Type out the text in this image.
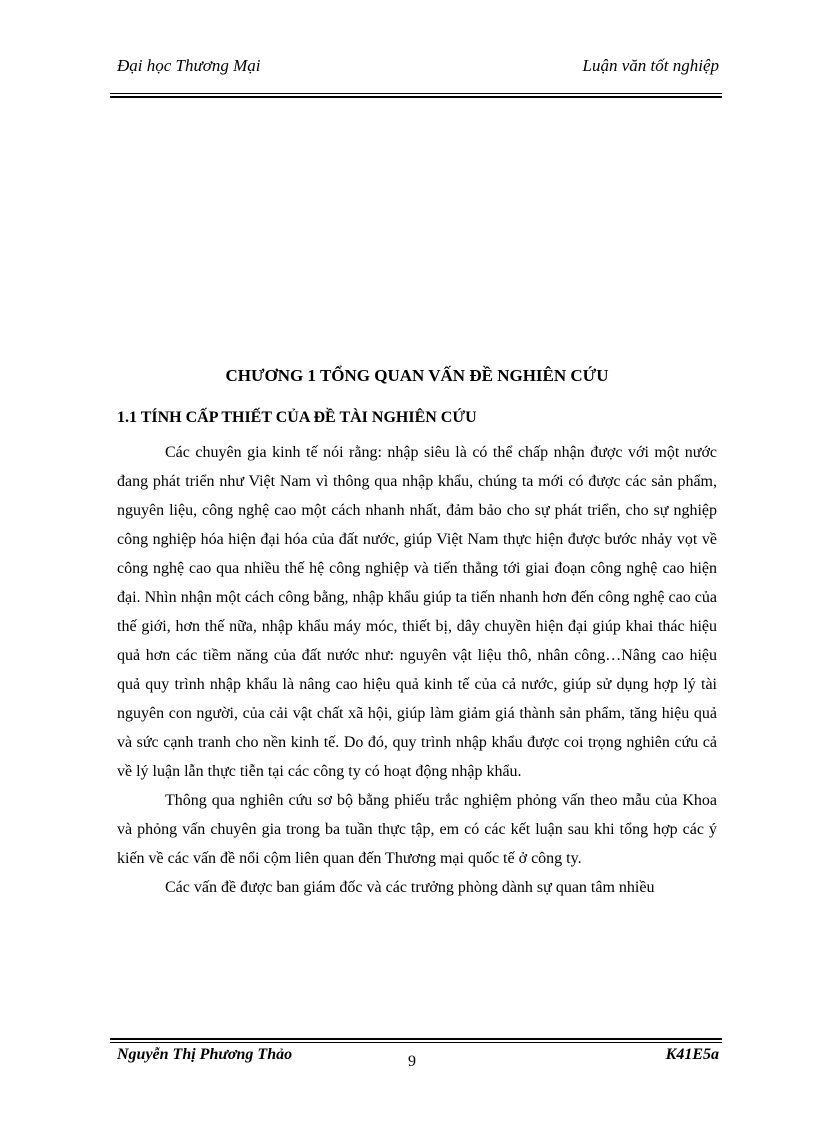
Đại học Thương Mại	Luận văn tốt nghiệp
CHƯƠNG 1 TỔNG QUAN VẤN ĐỀ NGHIÊN CỨU
1.1 TÍNH CẤP THIẾT CỦA ĐỀ TÀI NGHIÊN CỨU

Các chuyên gia kinh tế nói rằng: nhập siêu là có thể chấp nhận được với một nước đang phát triển như Việt Nam vì thông qua nhập khẩu, chúng ta mới có được các sản phẩm, nguyên liệu, công nghệ cao một cách nhanh nhất, đảm bảo cho sự phát triển, cho sự nghiệp công nghiệp hóa hiện đại hóa của đất nước, giúp Việt Nam thực hiện được bước nhảy vọt về công nghệ cao qua nhiều thế hệ công nghiệp và tiến thẳng tới giai đoạn công nghệ cao hiện đại. Nhìn nhận một cách công bằng, nhập khẩu giúp ta tiến nhanh hơn đến công nghệ cao của thế giới, hơn thế nữa, nhập khẩu máy móc, thiết bị, dây chuyền hiện đại giúp khai thác hiệu quả hơn các tiềm năng của đất nước như: nguyên vật liệu thô, nhân công…Nâng cao hiệu quả quy trình nhập khẩu là nâng cao hiệu quả kinh tế của cả nước, giúp sử dụng hợp lý tài nguyên con người, của cải vật chất xã hội, giúp làm giảm giá thành sản phẩm, tăng hiệu quả và sức cạnh tranh cho nền kinh tế. Do đó, quy trình nhập khẩu được coi trọng nghiên cứu cả về lý luận lẫn thực tiễn tại các công ty có hoạt động nhập khẩu.

Thông qua nghiên cứu sơ bộ bằng phiếu trắc nghiệm phỏng vấn theo mẫu của Khoa và phỏng vấn chuyên gia trong ba tuần thực tập, em có các kết luận sau khi tổng hợp các ý kiến về các vấn đề nổi cộm liên quan đến Thương mại quốc tế ở công ty.

Các vấn đề được ban giám đốc và các trưởng phòng dành sự quan tâm nhiều

Nguyễn Thị Phương Thảo	9	K41E5a
